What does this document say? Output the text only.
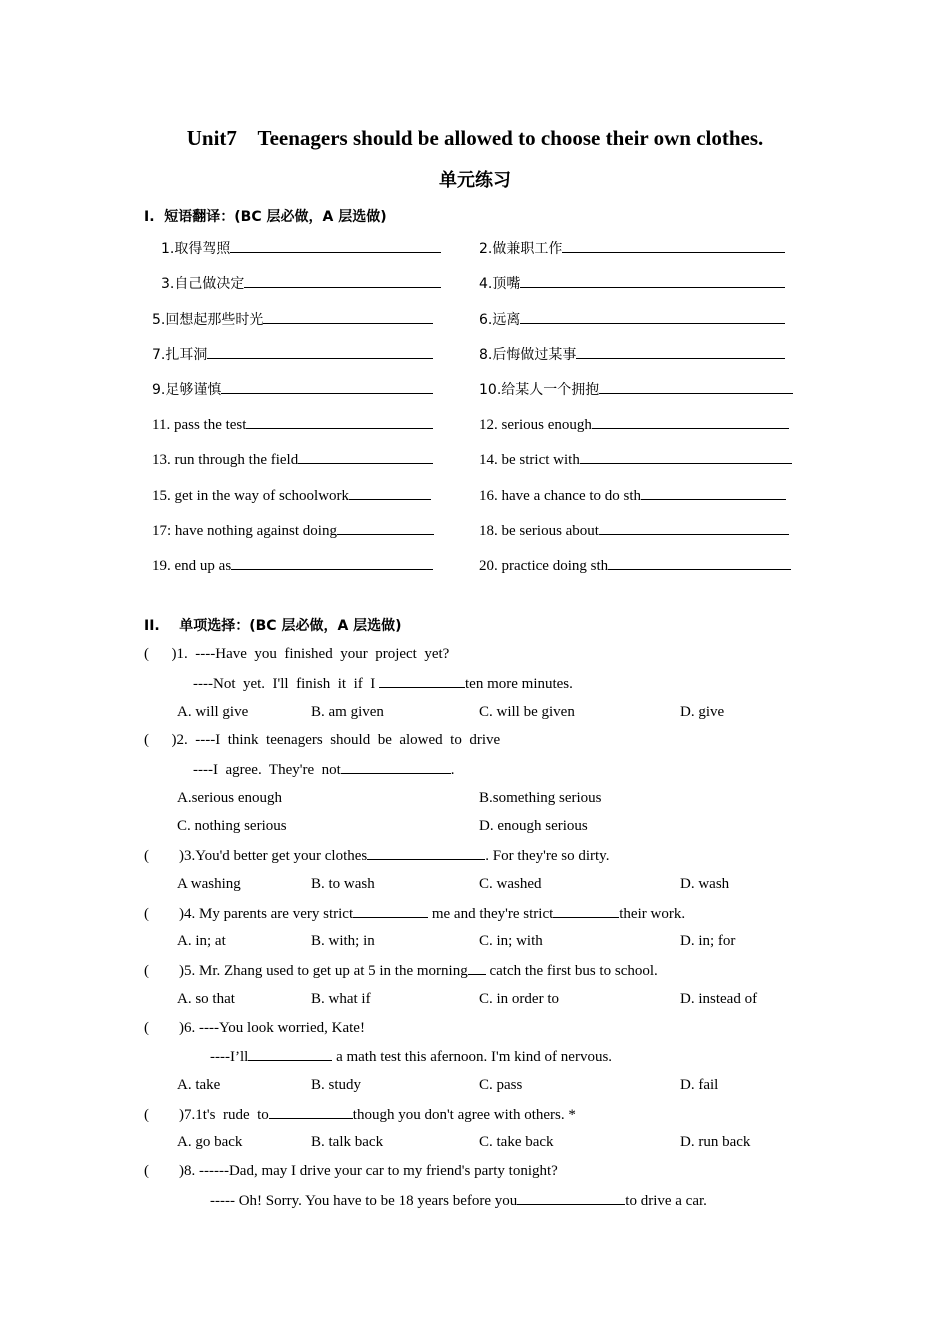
Unit7    Teenagers should be allowed to choose their own clothes.
单元练习
I.  短语翻译：(BC 层必做，A 层选做)
1.取得驾照	2.做兼职工作
3.自己做决定	4.顶嘴
5.回想起那些时光	6.远离
7.扎耳洞	8.后悔做过某事
9.足够谨慎	10.给某人一个拥抱
11. pass the test	12. serious enough
13. run through the field	14. be strict with
15. get in the way of schoolwork	16. have a chance to do sth
17: have nothing against doing	18. be serious about
19. end up as	20. practice doing sth
II.    单项选择：(BC 层必做，A 层选做)
(      )1. ----Have  you  finished  your  project  yet?
----Not  yet.  I'll  finish  it  if  I	ten more minutes.
A. will give	B. am given	C. will be given	D. give
(      )2. ----I  think  teenagers  should  be  alowed  to  drive
----I  agree.  They're  not	.
A.serious enough	B.something serious
C. nothing serious	D. enough serious
(        )3.You'd better get your clothes	. For they're so dirty.
A washing	B. to wash	C. washed	D. wash
(        )4. My parents are very strict	me and they're strict	their work.
A. in; at	B. with; in	C. in; with	D. in; for
(        )5. Mr. Zhang used to get up at 5 in the morning catch the first bus to school.
A. so that	B. what if	C. in order to	D. instead of
(        )6. ----You look worried, Kate!
----I’ll	a math test this afernoon. I'm kind of nervous.
A. take	B. study	C. pass	D. fail
(        )7.1t's  rude  to	though you don't agree with others. *
A. go back	B. talk back	C. take back	D. run back
(        )8. ------Dad, may I drive your car to my friend's party tonight?
----- Oh! Sorry. You have to be 18 years before you	to drive a car.
